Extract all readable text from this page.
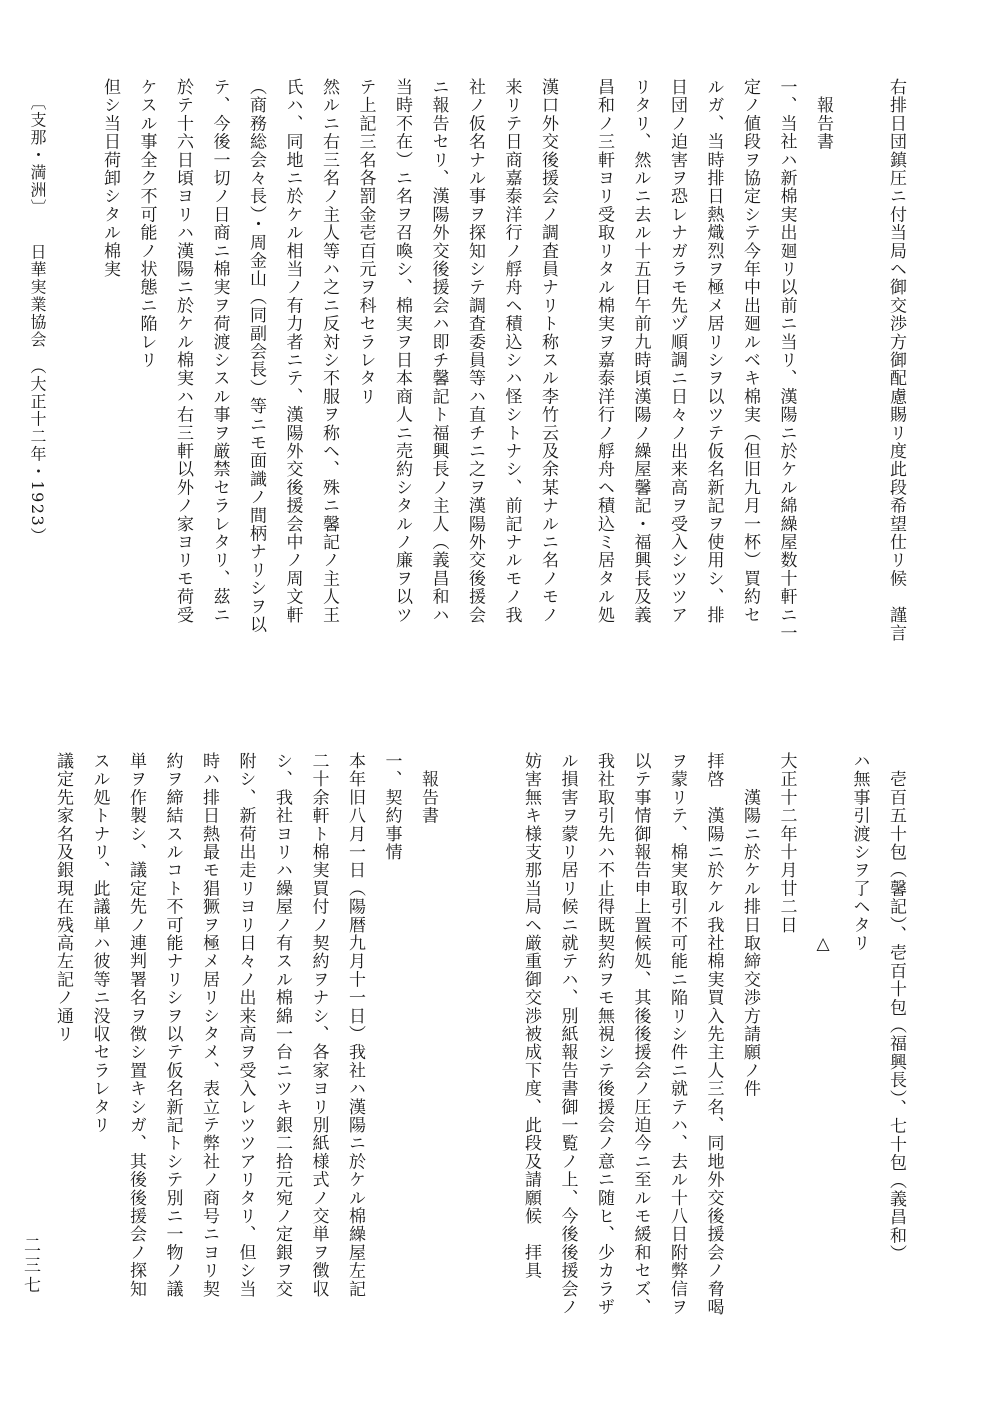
右排日団鎮圧ニ付当局ヘ御交渉方御配慮賜リ度此段希望仕リ候　謹言

　報告書
一、当社ハ新棉実出廻リ以前ニ当リ、漢陽ニ於ケル綿繰屋数十軒ニ一
定ノ値段ヲ協定シテ今年中出廻ルベキ棉実（但旧九月一杯）買約セ
ルガ、当時排日熱熾烈ヲ極メ居リシヲ以ツテ仮名新記ヲ使用シ、排
日団ノ迫害ヲ恐レナガラモ先ヅ順調ニ日々ノ出来高ヲ受入シツツア
リタリ、然ルニ去ル十五日午前九時頃漢陽ノ繰屋馨記・福興長及義
昌和ノ三軒ヨリ受取リタル棉実ヲ嘉泰洋行ノ艀舟ヘ積込ミ居タル処
漢口外交後援会ノ調査員ナリト称スル李竹云及余某ナルニ名ノモノ
来リテ日商嘉泰洋行ノ艀舟ヘ積込シハ怪シトナシ、前記ナルモノ我
社ノ仮名ナル事ヲ探知シテ調査委員等ハ直チニ之ヲ漢陽外交後援会
ニ報告セリ、漢陽外交後援会ハ即チ馨記ト福興長ノ主人（義昌和ハ
当時不在）ニ名ヲ召喚シ、棉実ヲ日本商人ニ売約シタルノ廉ヲ以ツ
テ上記三名各罰金壱百元ヲ科セラレタリ
然ルニ右三名ノ主人等ハ之ニ反対シ不服ヲ称ヘ、殊ニ馨記ノ主人王
氏ハ、同地ニ於ケル相当ノ有力者ニテ、漢陽外交後援会中ノ周文軒
（商務総会々長）・周金山（同副会長）等ニモ面識ノ間柄ナリシヲ以
テ、今後一切ノ日商ニ棉実ヲ荷渡シスル事ヲ厳禁セラレタリ、茲ニ
於テ十六日頃ヨリハ漢陽ニ於ケル棉実ハ右三軒以外ノ家ヨリモ荷受
ケスル事全ク不可能ノ状態ニ陥レリ
但シ当日荷卸シタル棉実
　壱百五十包（馨記）、壱百十包（福興長）、七十包（義昌和）
ハ無事引渡シヲ了ヘタリ
　　　　　　　　　　△
大正十二年十月廿二日
　　漢陽ニ於ケル排日取締交渉方請願ノ件
拝啓　漢陽ニ於ケル我社棉実買入先主人三名、同地外交後援会ノ脅喝
ヲ蒙リテ、棉実取引不可能ニ陥リシ件ニ就テハ、去ル十八日附弊信ヲ
以テ事情御報告申上置候処、其後後援会ノ圧迫今ニ至ルモ緩和セズ、
我社取引先ハ不止得既契約ヲモ無視シテ後援会ノ意ニ随ヒ、少カラザ
ル損害ヲ蒙リ居リ候ニ就テハ、別紙報告書御一覧ノ上、今後後援会ノ
妨害無キ様支那当局ヘ厳重御交渉被成下度、此段及請願候　拝具
　報告書
一、契約事情
本年旧八月一日（陽暦九月十一日）我社ハ漢陽ニ於ケル棉繰屋左記
二十余軒ト棉実買付ノ契約ヲナシ、各家ヨリ別紙様式ノ交単ヲ徴収
シ、我社ヨリハ繰屋ノ有スル棉綿一台ニツキ銀二拾元宛ノ定銀ヲ交
附シ、新荷出走リヨリ日々ノ出来高ヲ受入レツツアリタリ、但シ当
時ハ排日熱最モ猖獗ヲ極メ居リシタメ、表立テ弊社ノ商号ニヨリ契
約ヲ締結スルコト不可能ナリシヲ以テ仮名新記トシテ別ニ一物ノ議
単ヲ作製シ、議定先ノ連判署名ヲ徴シ置キシガ、其後後援会ノ探知
スル処トナリ、此議単ハ彼等ニ没収セラレタリ
議定先家名及銀現在残高左記ノ通リ
〔支那・満洲〕　　日華実業協会　（大正十二年・1923）
二三七
